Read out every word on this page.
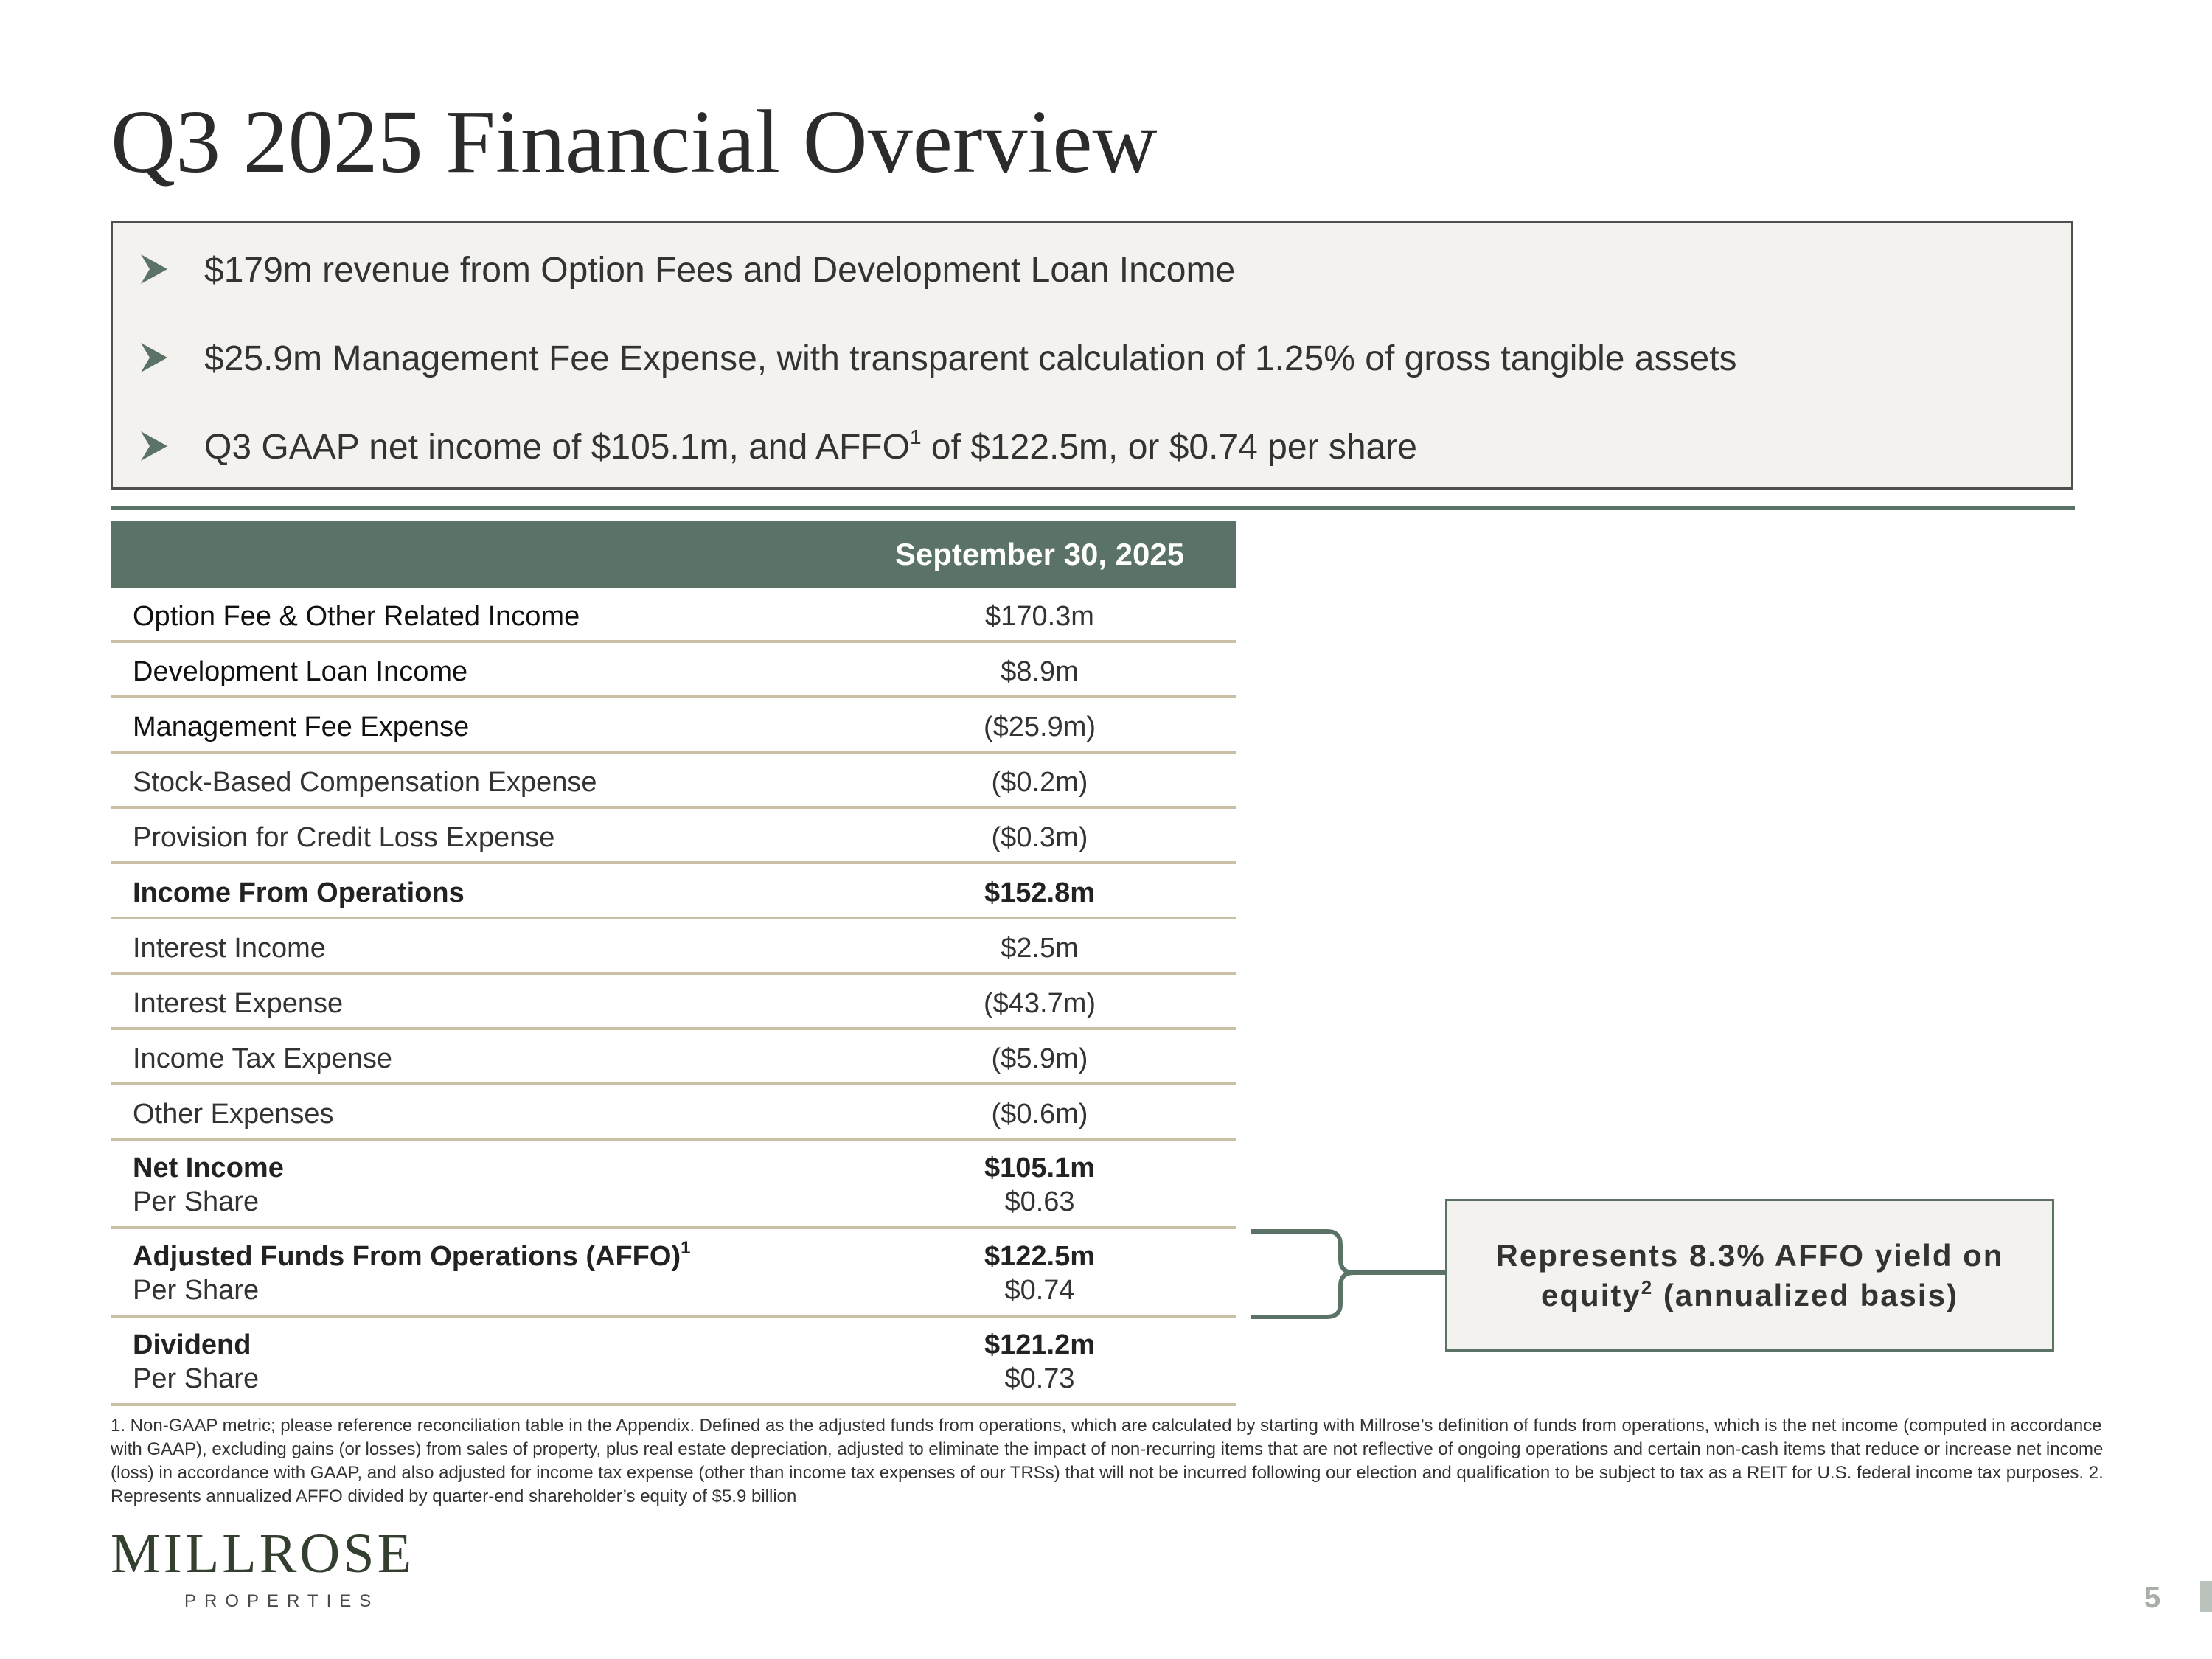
Q3 2025 Financial Overview
$179m revenue from Option Fees and Development Loan Income
$25.9m Management Fee Expense, with transparent calculation of 1.25% of gross tangible assets
Q3 GAAP net income of $105.1m, and AFFO$^1$ of $122.5m, or $0.74 per share
September 30, 2025
Option Fee & Other Related Income	$170.3m
Development Loan Income	$8.9m
Management Fee Expense	($25.9m)
Stock-Based Compensation Expense	($0.2m)
Provision for Credit Loss Expense	($0.3m)
Income From Operations	$152.8m
Interest Income	$2.5m
Interest Expense	($43.7m)
Income Tax Expense	($5.9m)
Other Expenses	($0.6m)
Net Income	$105.1m
Per Share	$0.63
Adjusted Funds From Operations (AFFO)$^1$	$122.5m
Per Share	$0.74
Dividend	$121.2m
Per Share	$0.73
Represents 8.3% AFFO yield on
equity$^2$ (annualized basis)
1. Non-GAAP metric; please reference reconciliation table in the Appendix. Defined as the adjusted funds from operations, which are calculated by starting with Millrose’s definition of funds from operations, which is the net income (computed in accordance with GAAP), excluding gains (or losses) from sales of property, plus real estate depreciation, adjusted to eliminate the impact of non-recurring items that are not reflective of ongoing operations and certain non-cash items that reduce or increase net income (loss) in accordance with GAAP, and also adjusted for income tax expense (other than income tax expenses of our TRSs) that will not be incurred following our election and qualification to be subject to tax as a REIT for U.S. federal income tax purposes. 2. Represents annualized AFFO divided by quarter-end shareholder’s equity of $5.9 billion
MILLROSE
PROPERTIES	5
